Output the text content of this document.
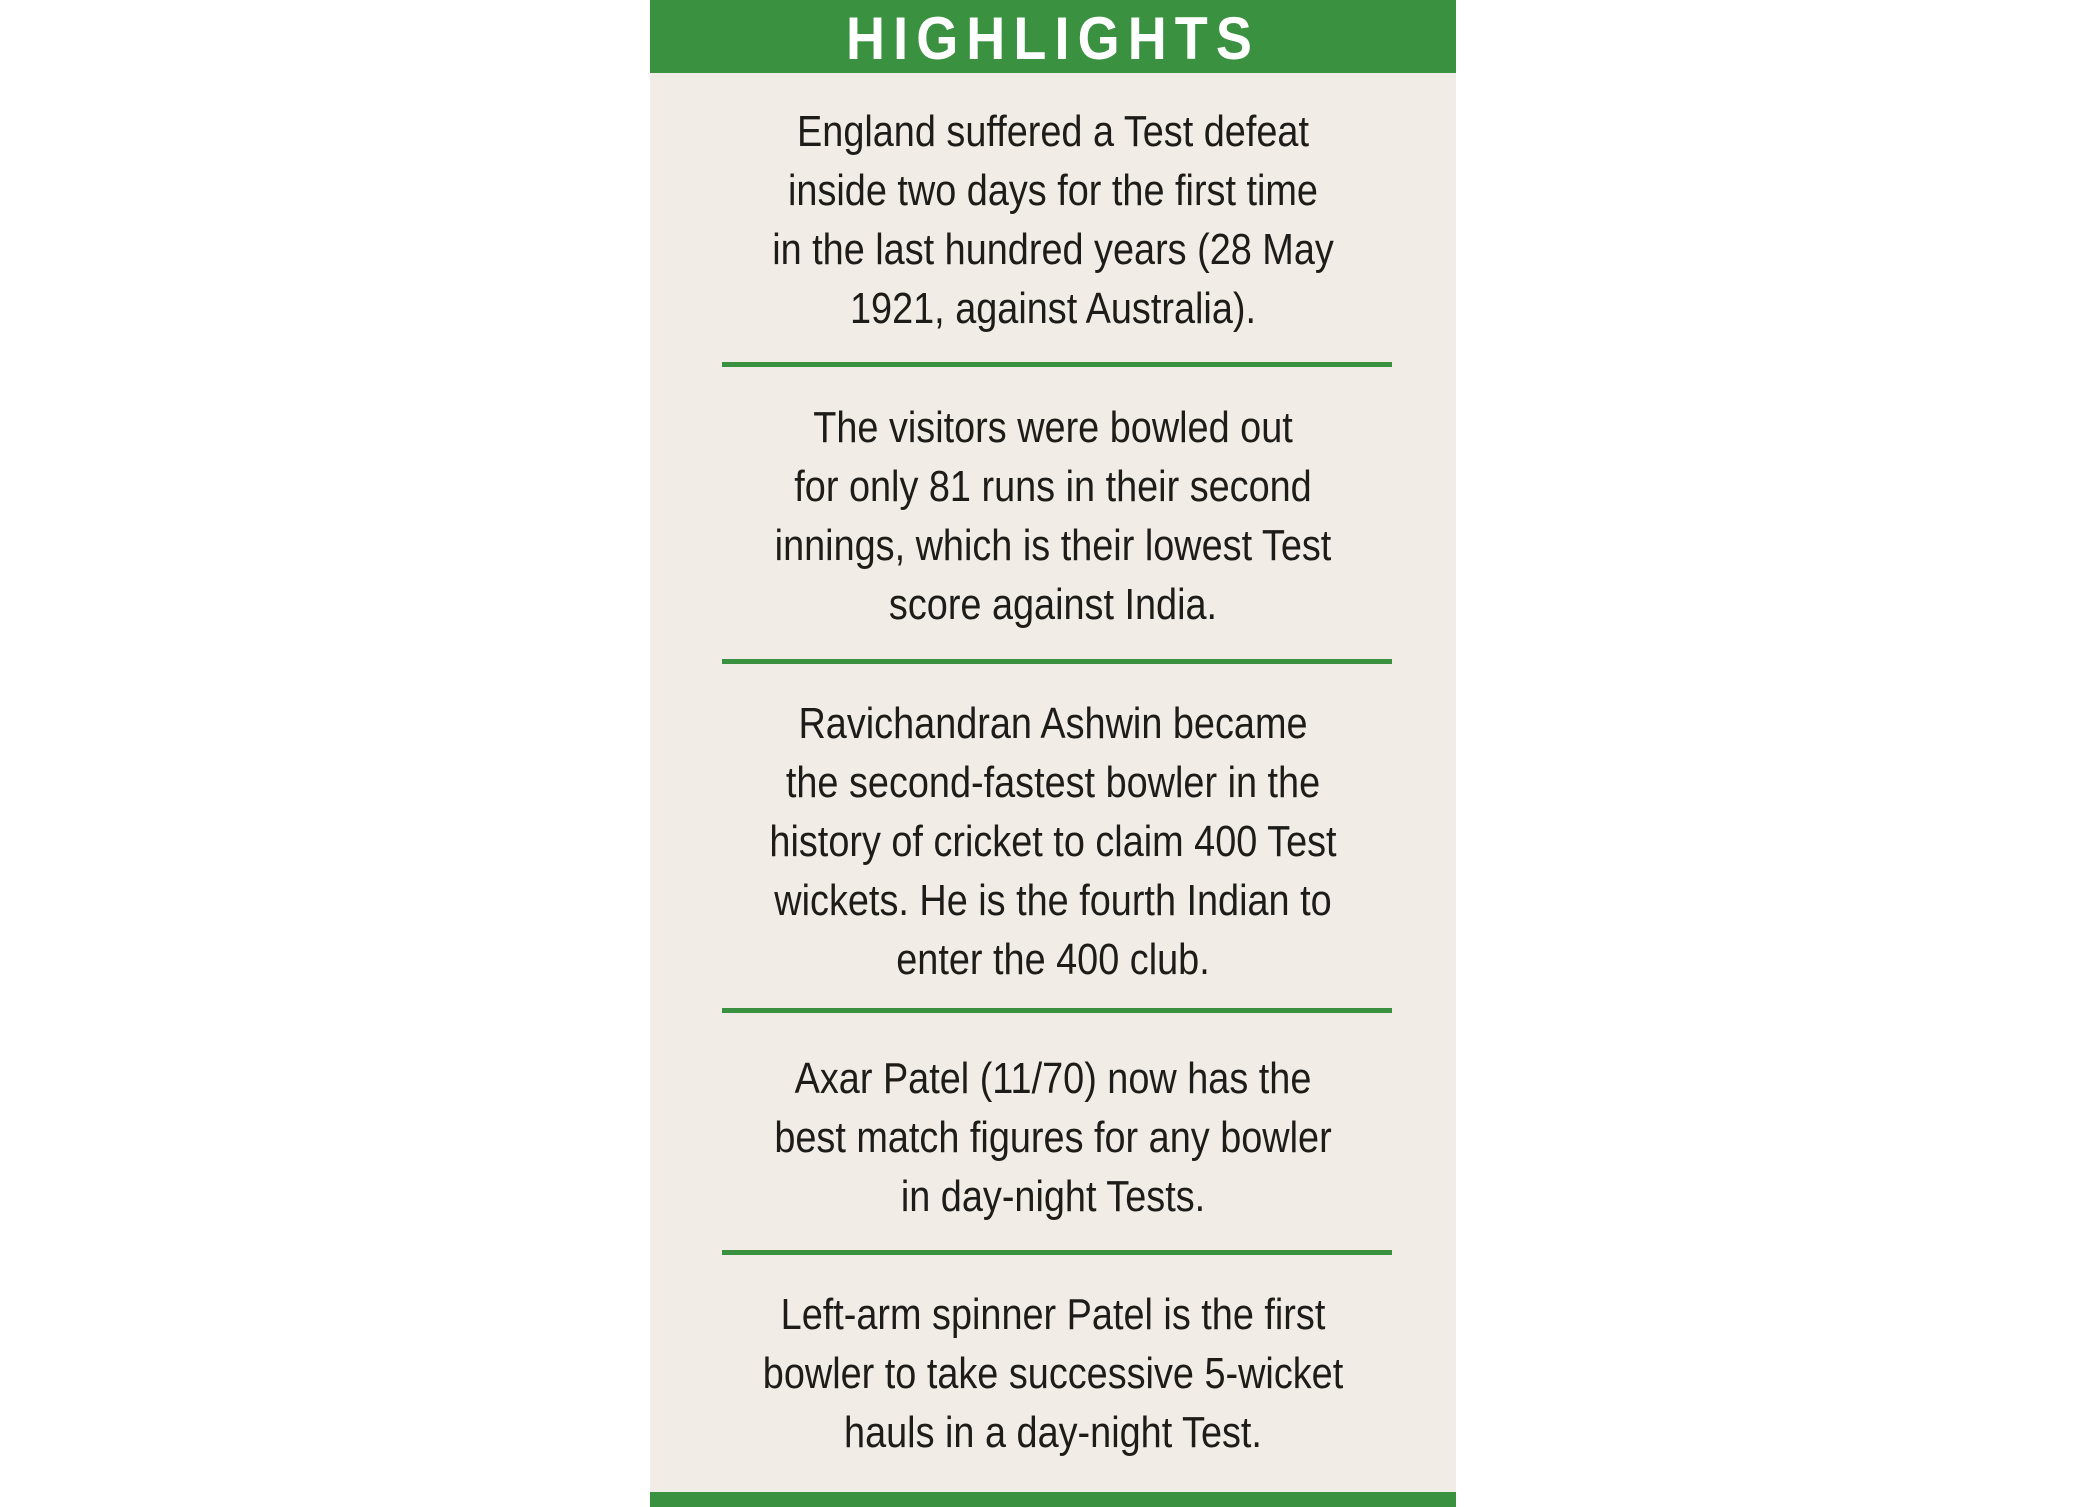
HIGHLIGHTS
England suffered a Test defeat
inside two days for the first time
in the last hundred years (28 May
1921, against Australia).
The visitors were bowled out
for only 81 runs in their second
innings, which is their lowest Test
score against India.
Ravichandran Ashwin became
the second-fastest bowler in the
history of cricket to claim 400 Test
wickets. He is the fourth Indian to
enter the 400 club.
Axar Patel (11/70) now has the
best match figures for any bowler
in day-night Tests.
Left-arm spinner Patel is the first
bowler to take successive 5-wicket
hauls in a day-night Test.
